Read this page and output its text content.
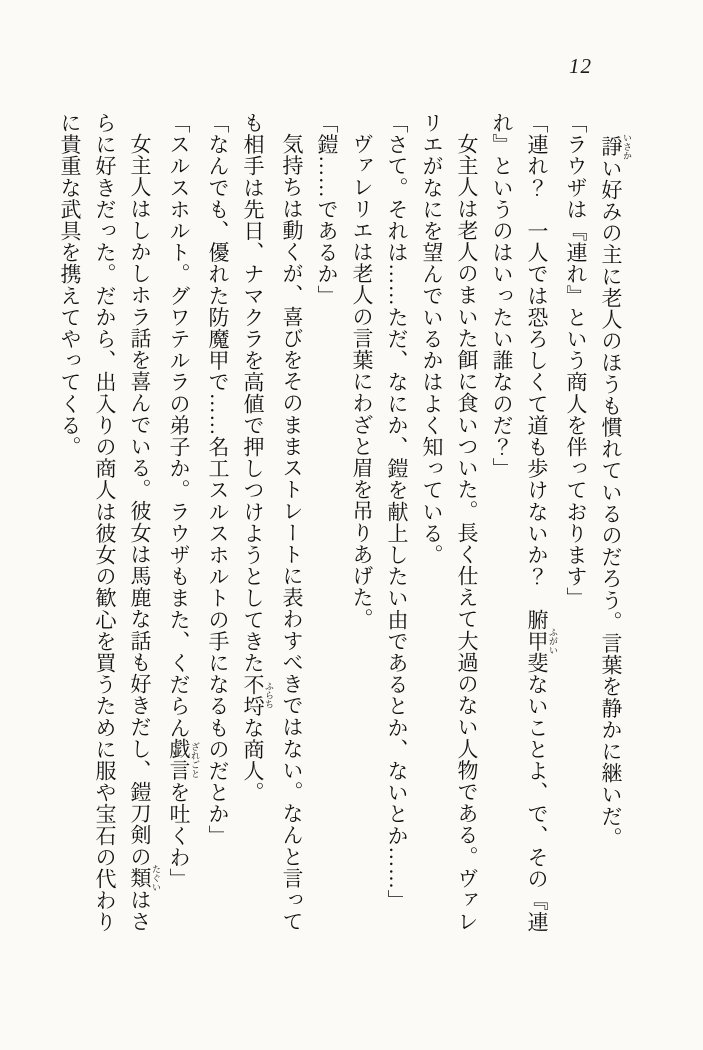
12
諍 いさかい好みの主に老人のほうも慣れているのだろう。言葉を静かに継いだ。
「ラウザは『連れ』という商人を伴っております」
「連れ？　一人では恐ろしくて道も歩けないか？　腑甲斐 ふがいないことよ、で、その『連
れ』というのはいったい誰なのだ？」
女主人は老人のまいた餌に食いついた。長く仕えて大過のない人物である。ヴァレ
リエがなにを望んでいるかはよく知っている。
「さて。それは……ただ、なにか、鎧を献上したい由であるとか、ないとか……」
ヴァレリエは老人の言葉にわざと眉を吊りあげた。
「鎧……であるか」
気持ちは動くが、喜びをそのままストレートに表わすべきではない。なんと言って
も相手は先日、ナマクラを高値で押しつけようとしてきた不埒 ふらちな商人。
「なんでも、優れた防魔甲で……名工スルスホルトの手になるものだとか」
「スルスホルト。グワテルラの弟子か。ラウザもまた、くだらん戯言 ざれごとを吐くわ」
女主人はしかしホラ話を喜んでいる。彼女は馬鹿な話も好きだし、鎧刀剣の類 たぐいはさ
らに好きだった。だから、出入りの商人は彼女の歓心を買うために服や宝石の代わり
に貴重な武具を携えてやってくる。
